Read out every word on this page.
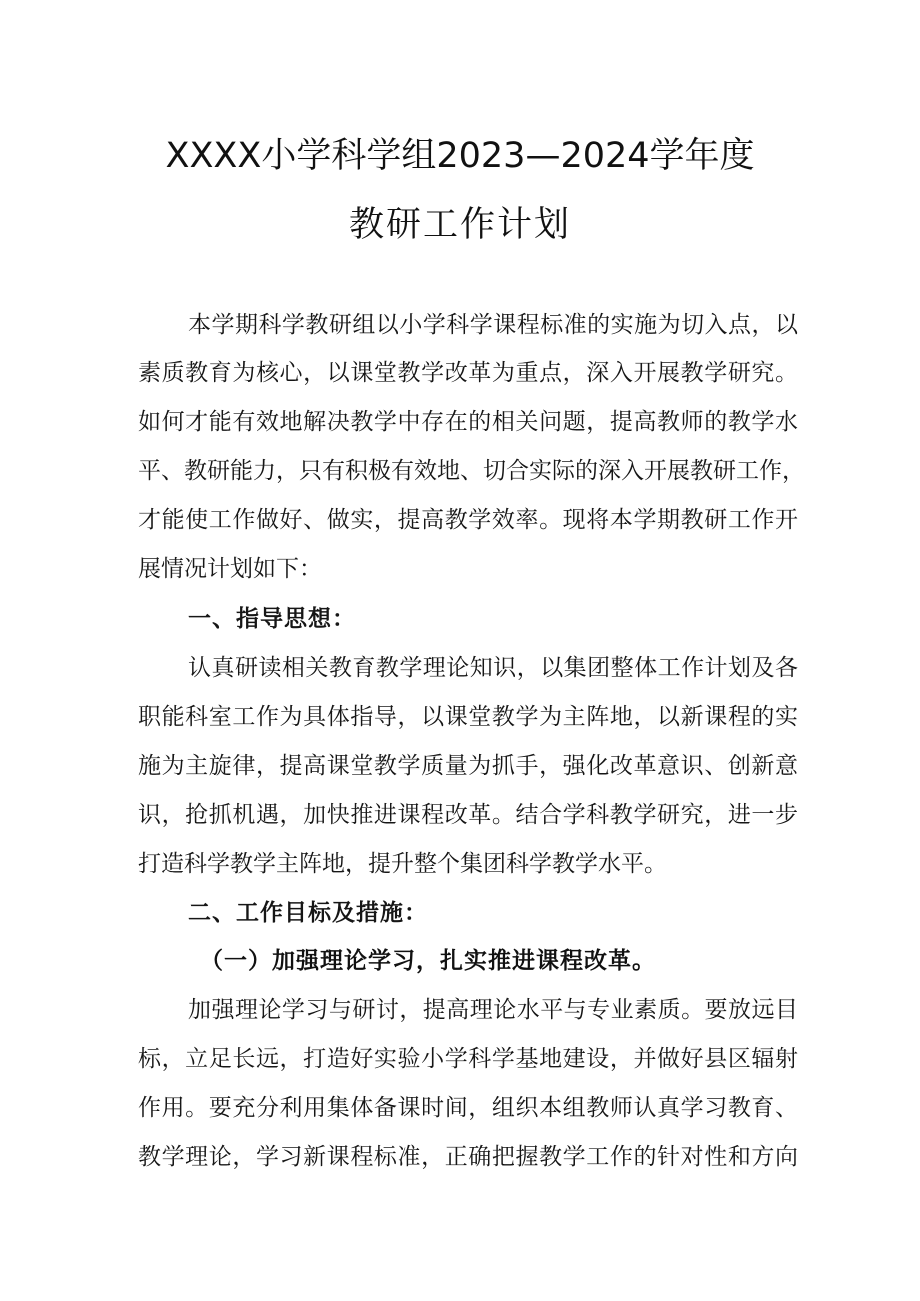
XXXX小学科学组2023—2024学年度
教研工作计划
本学期科学教研组以小学科学课程标准的实施为切入点，以
素质教育为核心，以课堂教学改革为重点，深入开展教学研究。
如何才能有效地解决教学中存在的相关问题，提高教师的教学水
平、教研能力，只有积极有效地、切合实际的深入开展教研工作，
才能使工作做好、做实，提高教学效率。现将本学期教研工作开
展情况计划如下：
一、指导思想：
认真研读相关教育教学理论知识，以集团整体工作计划及各
职能科室工作为具体指导，以课堂教学为主阵地，以新课程的实
施为主旋律，提高课堂教学质量为抓手，强化改革意识、创新意
识，抢抓机遇，加快推进课程改革。结合学科教学研究，进一步
打造科学教学主阵地，提升整个集团科学教学水平。
二、工作目标及措施：
（一）加强理论学习，扎实推进课程改革。
加强理论学习与研讨，提高理论水平与专业素质。要放远目
标，立足长远，打造好实验小学科学基地建设，并做好县区辐射
作用。要充分利用集体备课时间，组织本组教师认真学习教育、
教学理论，学习新课程标准，正确把握教学工作的针对性和方向
